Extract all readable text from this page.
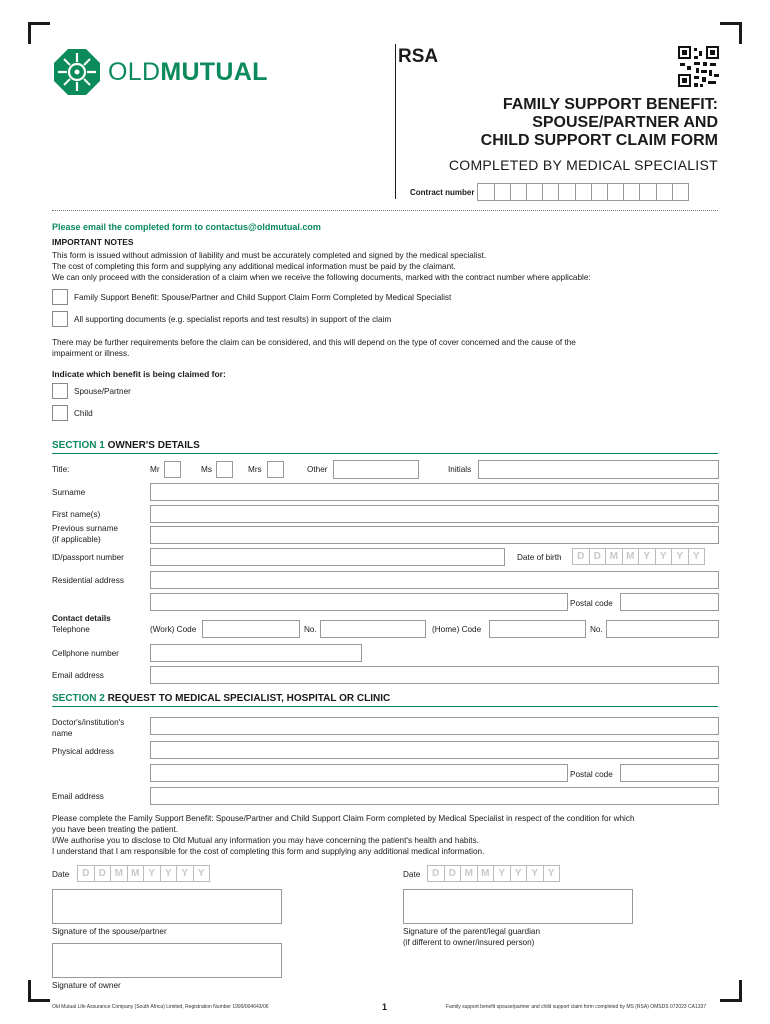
OLDMUTUAL
RSA
FAMILY SUPPORT BENEFIT:
SPOUSE/PARTNER AND
CHILD SUPPORT CLAIM FORM
COMPLETED BY MEDICAL SPECIALIST
Contract number
Please email the completed form to contactus@oldmutual.com
IMPORTANT NOTES
This form is issued without admission of liability and must be accurately completed and signed by the medical specialist.
The cost of completing this form and supplying any additional medical information must be paid by the claimant.
We can only proceed with the consideration of a claim when we receive the following documents, marked with the contract number where applicable:
Family Support Benefit: Spouse/Partner and Child Support Claim Form Completed by Medical Specialist
All supporting documents (e.g. specialist reports and test results) in support of the claim
There may be further requirements before the claim can be considered, and this will depend on the type of cover concerned and the cause of the
impairment or illness.
Indicate which benefit is being claimed for:
Spouse/Partner
Child
SECTION 1 OWNER'S DETAILS
Title:	Mr	Ms	Mrs	Other	Initials
Surname
First name(s)
Previous surname
(if applicable)
ID/passport number	Date of birth	D D M M Y Y Y Y
Residential address
Postal code
Contact details
Telephone	(Work) Code	No.	(Home) Code	No.
Cellphone number
Email address
SECTION 2 REQUEST TO MEDICAL SPECIALIST, HOSPITAL OR CLINIC
Doctor's/institution's
name
Physical address
Postal code
Email address
Please complete the Family Support Benefit: Spouse/Partner and Child Support Claim Form completed by Medical Specialist in respect of the condition for which
you have been treating the patient.
I/We authorise you to disclose to Old Mutual any information you may have concerning the patient's health and habits.
I understand that I am responsible for the cost of completing this form and supplying any additional medical information.
Date	D D M M Y Y Y Y	Date	D D M M Y Y Y Y
Signature of the spouse/partner	Signature of the parent/legal guardian
(if different to owner/insured person)
Signature of owner
Old Mutual Life Assurance Company (South Africa) Limited, Registration Number 1999/004643/06	1	Family support benefit spouse/partner and child support claim form completed by MS (RSA) OMSDS 072023 CA1337
